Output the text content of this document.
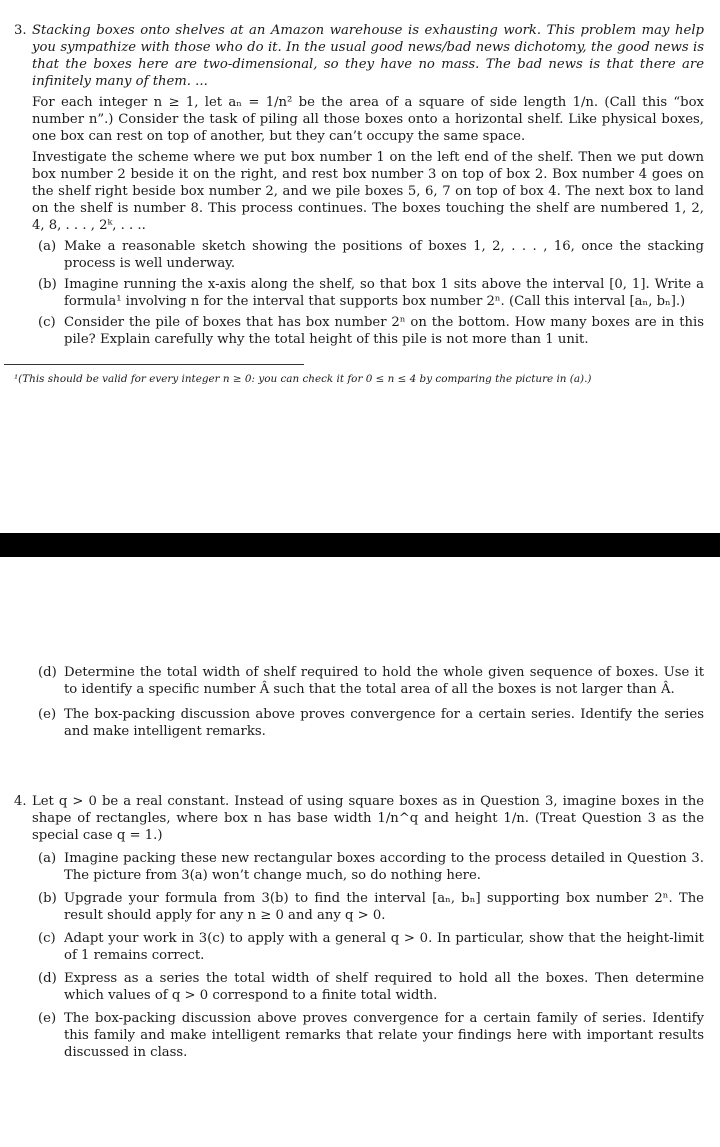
3. Stacking boxes onto shelves at an Amazon warehouse is exhausting work. This problem may help you sympathize with those who do it. In the usual good news/bad news dichotomy, the good news is that the boxes here are two-dimensional, so they have no mass. The bad news is that there are infinitely many of them. ...
For each integer n ≥ 1, let aₙ = 1/n² be the area of a square of side length 1/n. (Call this “box number n”.) Consider the task of piling all those boxes onto a horizontal shelf. Like physical boxes, one box can rest on top of another, but they can’t occupy the same space.
Investigate the scheme where we put box number 1 on the left end of the shelf. Then we put down box number 2 beside it on the right, and rest box number 3 on top of box 2. Box number 4 goes on the shelf right beside box number 2, and we pile boxes 5, 6, 7 on top of box 4. The next box to land on the shelf is number 8. This process continues. The boxes touching the shelf are numbered 1, 2, 4, 8, . . . , 2ᵏ, . . ..
(a) Make a reasonable sketch showing the positions of boxes 1, 2, . . . , 16, once the stacking process is well underway.
(b) Imagine running the x-axis along the shelf, so that box 1 sits above the interval [0, 1]. Write a formula¹ involving n for the interval that supports box number 2ⁿ. (Call this interval [aₙ, bₙ].)
(c) Consider the pile of boxes that has box number 2ⁿ on the bottom. How many boxes are in this pile? Explain carefully why the total height of this pile is not more than 1 unit.
¹(This should be valid for every integer n ≥ 0: you can check it for 0 ≤ n ≤ 4 by comparing the picture in (a).)
(d) Determine the total width of shelf required to hold the whole given sequence of boxes. Use it to identify a specific number Â such that the total area of all the boxes is not larger than Â.
(e) The box-packing discussion above proves convergence for a certain series. Identify the series and make intelligent remarks.
4. Let q > 0 be a real constant. Instead of using square boxes as in Question 3, imagine boxes in the shape of rectangles, where box n has base width 1/n^q and height 1/n. (Treat Question 3 as the special case q = 1.)
(a) Imagine packing these new rectangular boxes according to the process detailed in Question 3. The picture from 3(a) won’t change much, so do nothing here.
(b) Upgrade your formula from 3(b) to find the interval [aₙ, bₙ] supporting box number 2ⁿ. The result should apply for any n ≥ 0 and any q > 0.
(c) Adapt your work in 3(c) to apply with a general q > 0. In particular, show that the height-limit of 1 remains correct.
(d) Express as a series the total width of shelf required to hold all the boxes. Then determine which values of q > 0 correspond to a finite total width.
(e) The box-packing discussion above proves convergence for a certain family of series. Identify this family and make intelligent remarks that relate your findings here with important results discussed in class.
